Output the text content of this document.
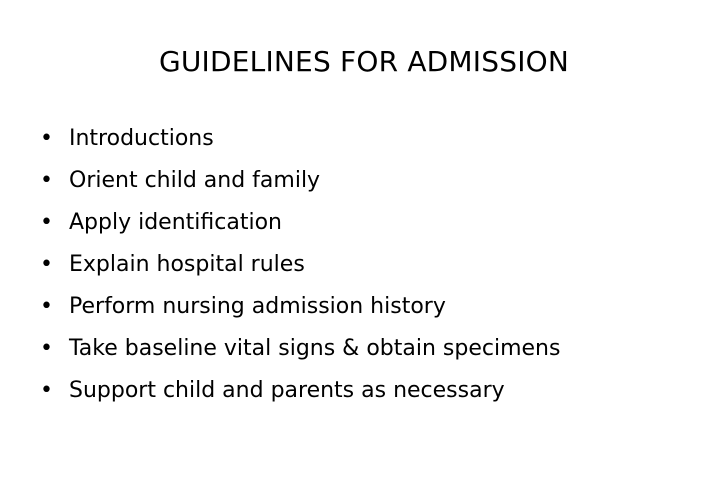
GUIDELINES FOR ADMISSION
• Introductions
• Orient child and family
• Apply identification
• Explain hospital rules
• Perform nursing admission history
• Take baseline vital signs & obtain specimens
• Support child and parents as necessary
